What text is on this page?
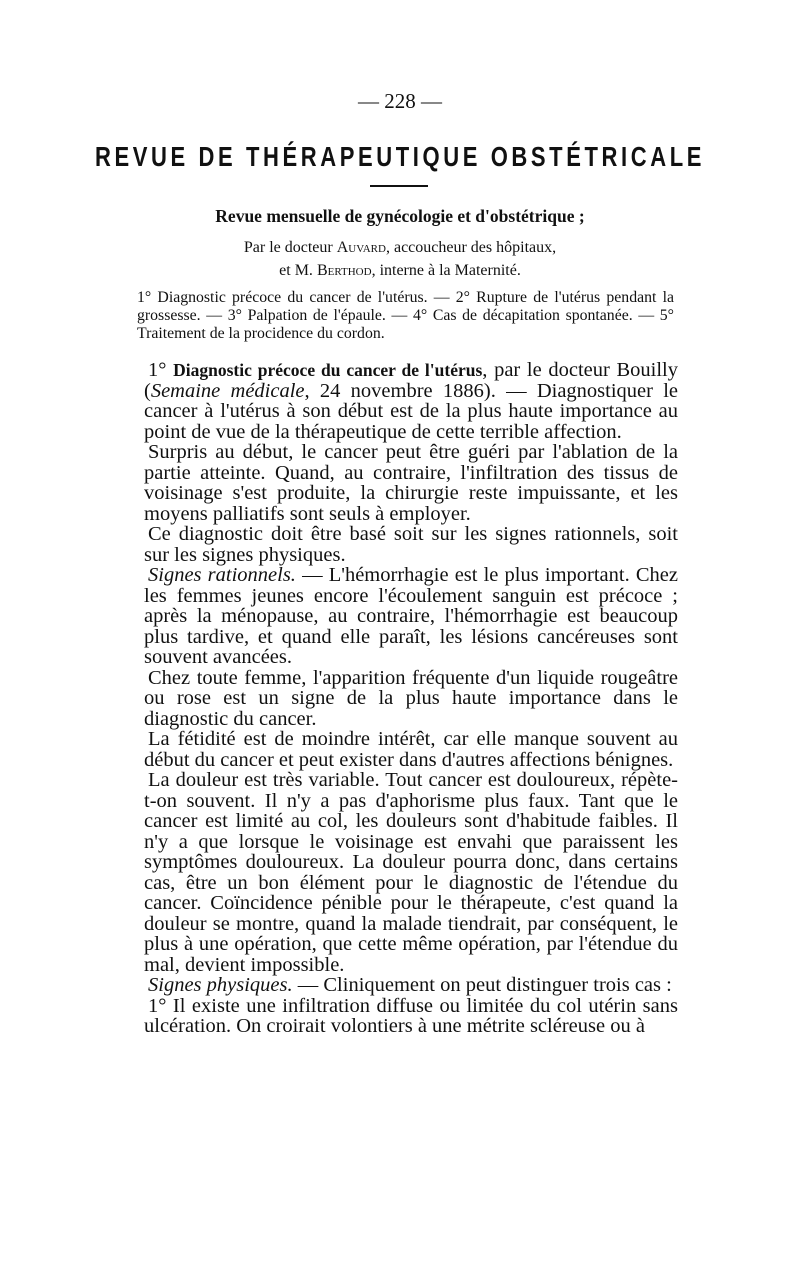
— 228 —
REVUE DE THÉRAPEUTIQUE OBSTÉTRICALE
Revue mensuelle de gynécologie et d'obstétrique ;
Par le docteur Auvard, accoucheur des hôpitaux,
et M. Berthod, interne à la Maternité.
1° Diagnostic précoce du cancer de l'utérus. — 2° Rupture de l'utérus pendant la grossesse. — 3° Palpation de l'épaule. — 4° Cas de décapitation spontanée. — 5° Traitement de la procidence du cordon.

1° Diagnostic précoce du cancer de l'utérus, par le docteur Bouilly (Semaine médicale, 24 novembre 1886). — Diagnostiquer le cancer à l'utérus à son début est de la plus haute importance au point de vue de la thérapeutique de cette terrible affection.

Surpris au début, le cancer peut être guéri par l'ablation de la partie atteinte. Quand, au contraire, l'infiltration des tissus de voisinage s'est produite, la chirurgie reste impuissante, et les moyens palliatifs sont seuls à employer.

Ce diagnostic doit être basé soit sur les signes rationnels, soit sur les signes physiques.

Signes rationnels. — L'hémorrhagie est le plus important. Chez les femmes jeunes encore l'écoulement sanguin est précoce ; après la ménopause, au contraire, l'hémorrhagie est beaucoup plus tardive, et quand elle paraît, les lésions cancéreuses sont souvent avancées.

Chez toute femme, l'apparition fréquente d'un liquide rougeâtre ou rose est un signe de la plus haute importance dans le diagnostic du cancer.

La fétidité est de moindre intérêt, car elle manque souvent au début du cancer et peut exister dans d'autres affections bénignes.

La douleur est très variable. Tout cancer est douloureux, répète-t-on souvent. Il n'y a pas d'aphorisme plus faux. Tant que le cancer est limité au col, les douleurs sont d'habitude faibles. Il n'y a que lorsque le voisinage est envahi que paraissent les symptômes douloureux. La douleur pourra donc, dans certains cas, être un bon élément pour le diagnostic de l'étendue du cancer. Coïncidence pénible pour le thérapeute, c'est quand la douleur se montre, quand la malade tiendrait, par conséquent, le plus à une opération, que cette même opération, par l'étendue du mal, devient impossible.

Signes physiques. — Cliniquement on peut distinguer trois cas :

1° Il existe une infiltration diffuse ou limitée du col utérin sans ulcération. On croirait volontiers à une métrite scléreuse ou à
